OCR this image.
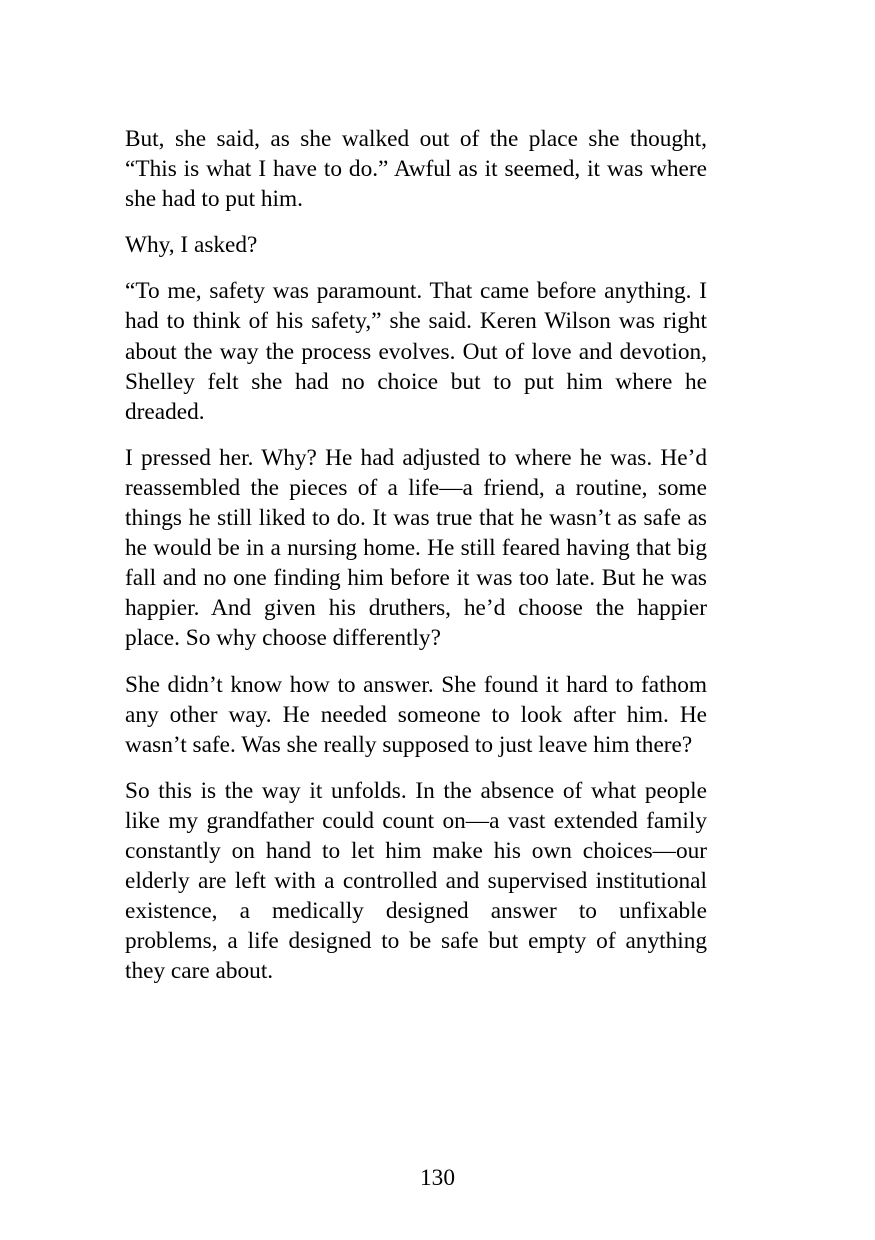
But, she said, as she walked out of the place she thought, “This is what I have to do.” Awful as it seemed, it was where she had to put him.

Why, I asked?

“To me, safety was paramount. That came before anything. I had to think of his safety,” she said. Keren Wilson was right about the way the process evolves. Out of love and devotion, Shelley felt she had no choice but to put him where he dreaded.

I pressed her. Why? He had adjusted to where he was. He’d reassembled the pieces of a life—a friend, a routine, some things he still liked to do. It was true that he wasn’t as safe as he would be in a nursing home. He still feared having that big fall and no one finding him before it was too late. But he was happier. And given his druthers, he’d choose the happier place. So why choose differently?

She didn’t know how to answer. She found it hard to fathom any other way. He needed someone to look after him. He wasn’t safe. Was she really supposed to just leave him there?

So this is the way it unfolds. In the absence of what people like my grandfather could count on—a vast extended family constantly on hand to let him make his own choices—our elderly are left with a controlled and supervised institutional existence, a medically designed answer to unfixable problems, a life designed to be safe but empty of anything they care about.

130
